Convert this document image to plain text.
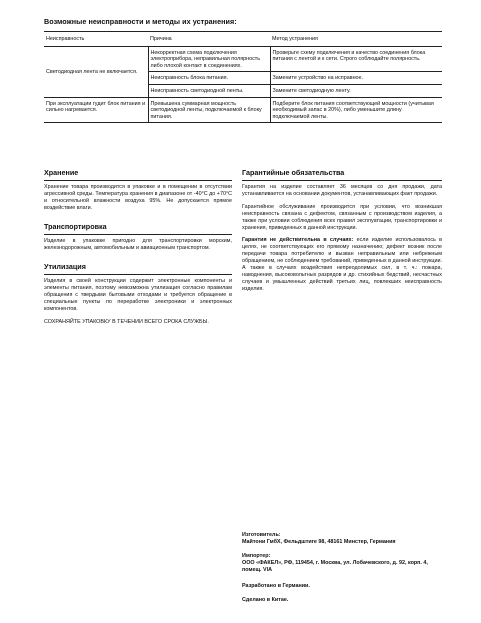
Возможные неисправности и методы их устранения:
Неисправность	Причина	Метод устранения
Светодиодная лента не включается.	Некорректная схема подключения электроприбора, неправильная полярность либо плохой контакт в соединениях.	Проверьте схему подключения и качество соединения блока питания с лентой и к сети. Строго соблюдайте полярность.
	Неисправность блока питания.	Замените устройство на исправное.
	Неисправность светодиодной ленты.	Замените светодиодную ленту.
При эксплуатации гудит блок питания и сильно нагревается.	Превышена суммарная мощность светодиодной ленты, подключаемой к блоку питания.	Подберите блок питания соответствующей мощности (учитывая необходимый запас в 20%), либо уменьшите длину подключаемой ленты.
Хранение

Хранение товара производится в упаковке и в помещении в отсутствии агрессивной среды. Температура хранения в диапазоне от -40°С до +70°С и относительной влажности воздуха 95%. Не допускается прямое воздействие влаги.

Транспортировка

Изделие в упаковке пригодно для транспортировки морским, железнодорожным, автомобильным и авиационным транспортом.

Утилизация

Изделия в своей конструкции содержит электронные компоненты и элементы питания, поэтому невозможна утилизация согласно правилам обращения с твердыми бытовыми отходами и требуется обращение в специальные пункты по переработке электроники и электронных компонентов.

СОХРАНЯЙТЕ УПАКОВКУ В ТЕЧЕНИИ ВСЕГО СРОКА СЛУЖБЫ.

Гарантийные обязательства

Гарантия на изделие составляет 36 месяцев со дня продажи, дата устанавливается на основании документов, устанавливающих факт продажи.

Гарантийное обслуживание производится при условии, что возникшая неисправность связана с дефектом, связанным с производством изделия, а также при условии соблюдения всех правил эксплуатации, транспортировки и хранения, приведенных в данной инструкции.

Гарантия не действительна в случаях: если изделие использовалось в целях, не соответствующих его прямому назначению; дефект возник после передачи товара потребителю и вызван неправильным или небрежным обращением, не соблюдением требований, приведенных в данной инструкции. А также в случаях воздействия непреодолимых сил, в т. ч.: пожара, наводнения, высоковольтных разрядов и др. стихийных бедствий, несчастных случаев и умышленных действий третьих лиц, повлекших неисправность изделия.

Изготовитель:
Майтони ГмбХ, Фельдштиге 98, 48161 Минстер, Германия
Импортер:
ООО «ФАКЕЛ», РФ, 119454, г. Москва, ул. Лобачевского, д. 92, корп. 4, помещ. VIA
Разработано в Германии.
Сделано в Китае.
